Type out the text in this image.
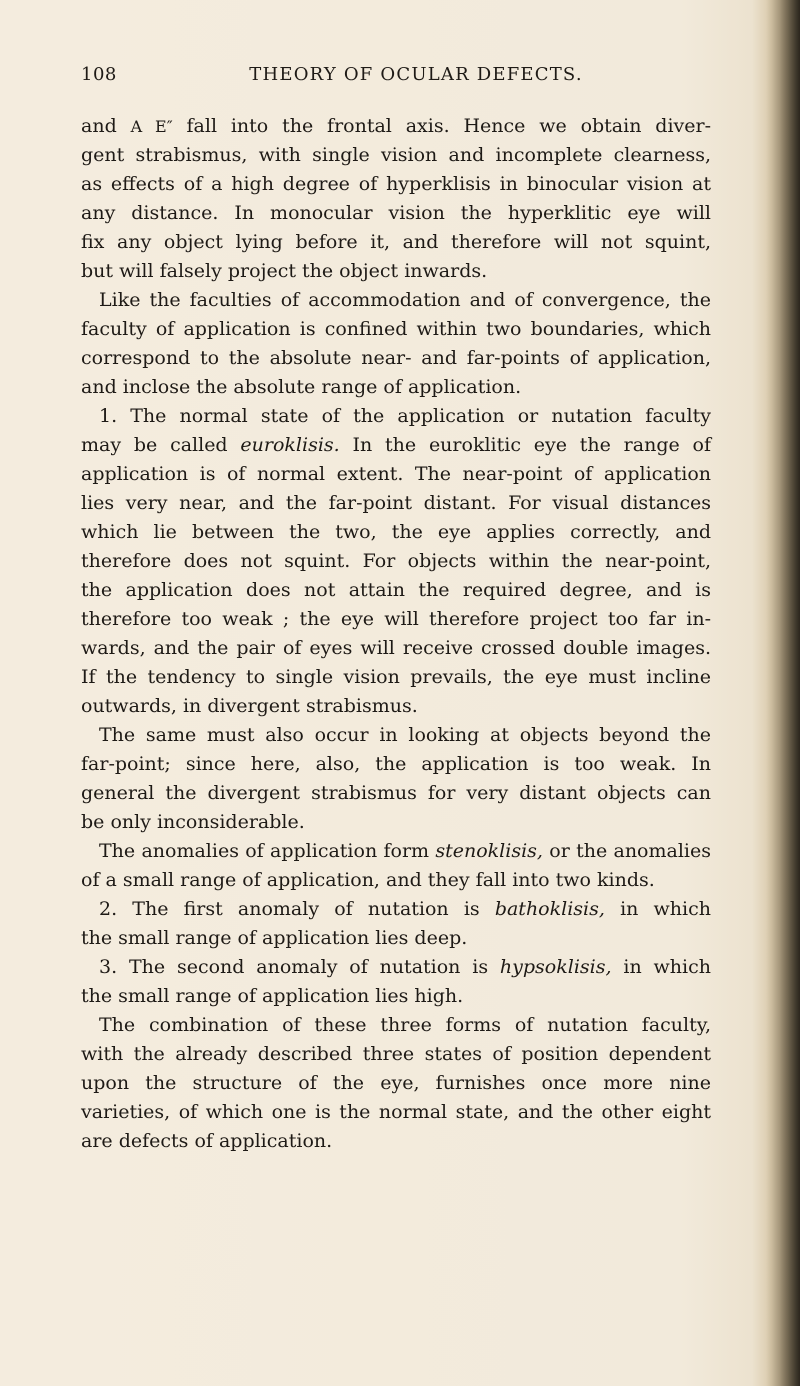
108	THEORY OF OCULAR DEFECTS.
and A E″ fall into the frontal axis. Hence we obtain diver-
gent strabismus, with single vision and incomplete clearness,
as effects of a high degree of hyperklisis in binocular vision at
any distance. In monocular vision the hyperklitic eye will
fix any object lying before it, and therefore will not squint,
but will falsely project the object inwards.
Like the faculties of accommodation and of convergence, the
faculty of application is confined within two boundaries, which
correspond to the absolute near- and far-points of application,
and inclose the absolute range of application.
1. The normal state of the application or nutation faculty
may be called euroklisis. In the euroklitic eye the range of
application is of normal extent. The near-point of application
lies very near, and the far-point distant. For visual distances
which lie between the two, the eye applies correctly, and
therefore does not squint. For objects within the near-point,
the application does not attain the required degree, and is
therefore too weak ; the eye will therefore project too far in-
wards, and the pair of eyes will receive crossed double images.
If the tendency to single vision prevails, the eye must incline
outwards, in divergent strabismus.
The same must also occur in looking at objects beyond the
far-point; since here, also, the application is too weak. In
general the divergent strabismus for very distant objects can
be only inconsiderable.
The anomalies of application form stenoklisis, or the anomalies
of a small range of application, and they fall into two kinds.
2. The first anomaly of nutation is bathoklisis, in which
the small range of application lies deep.
3. The second anomaly of nutation is hypsoklisis, in which
the small range of application lies high.
The combination of these three forms of nutation faculty,
with the already described three states of position dependent
upon the structure of the eye, furnishes once more nine
varieties, of which one is the normal state, and the other eight
are defects of application.
